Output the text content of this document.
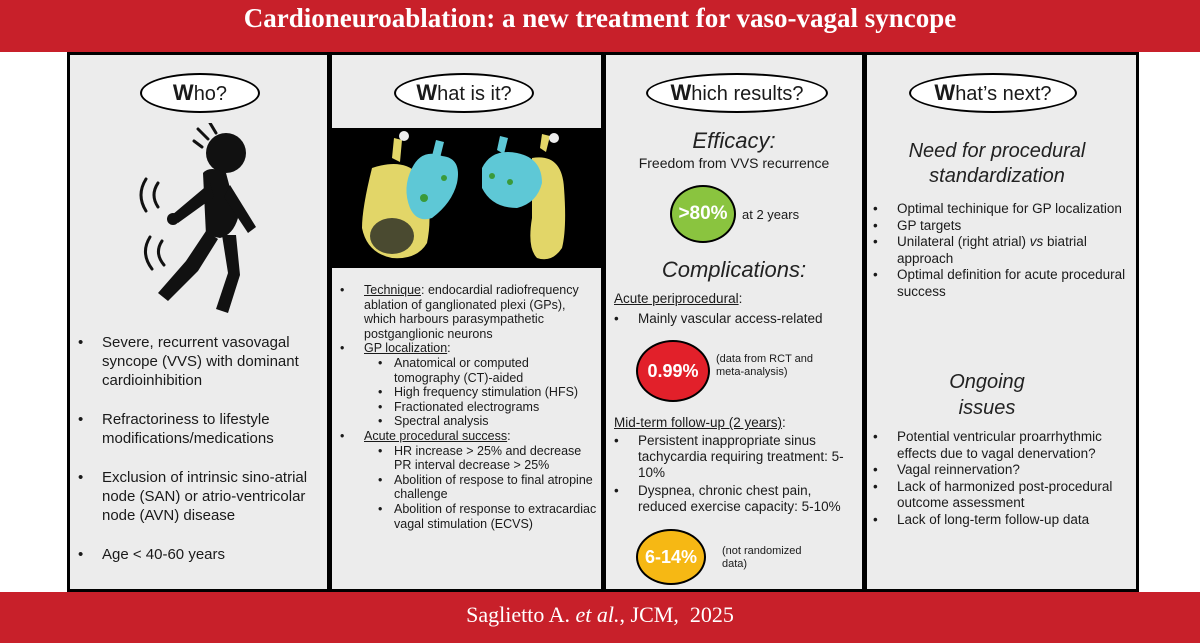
Cardioneuroablation: a new treatment for vaso-vagal syncope
Who?
• Severe, recurrent vasovagal syncope (VVS) with dominant cardioinhibition
• Refractoriness to lifestyle modifications/medications
• Exclusion of intrinsic sino-atrial node (SAN) or atrio-ventricolar node (AVN) disease
• Age < 40-60 years
What is it?
• Technique: endocardial radiofrequency ablation of ganglionated plexi (GPs), which harbours parasympathetic postganglionic neurons
• GP localization:
• Anatomical or computed tomography (CT)-aided
• High frequency stimulation (HFS)
• Fractionated electrograms
• Spectral analysis
• Acute procedural success:
• HR increase > 25% and decrease PR interval decrease > 25%
• Abolition of respose to final atropine challenge
• Abolition of response to extracardiac vagal stimulation (ECVS)
Which results?
Efficacy:
Freedom from VVS recurrence
>80%	at 2 years
Complications:
Acute periprocedural:
• Mainly vascular access-related
0.99%
(data from RCT and meta-analysis)
Mid-term follow-up (2 years):
• Persistent inappropriate sinus tachycardia requiring treatment: 5-10%
• Dyspnea, chronic chest pain, reduced exercise capacity: 5-10%
6-14%	(not randomized data)
What’s next?
Need for procedural standardization
• Optimal techinique for GP localization
• GP targets
• Unilateral (right atrial) vs biatrial approach
• Optimal definition for acute procedural success
Ongoing issues
• Potential ventricular proarrhythmic effects due to vagal denervation?
• Vagal reinnervation?
• Lack of harmonized post-procedural outcome assessment
• Lack of long-term follow-up data
Saglietto A. et al., JCM,  2025
